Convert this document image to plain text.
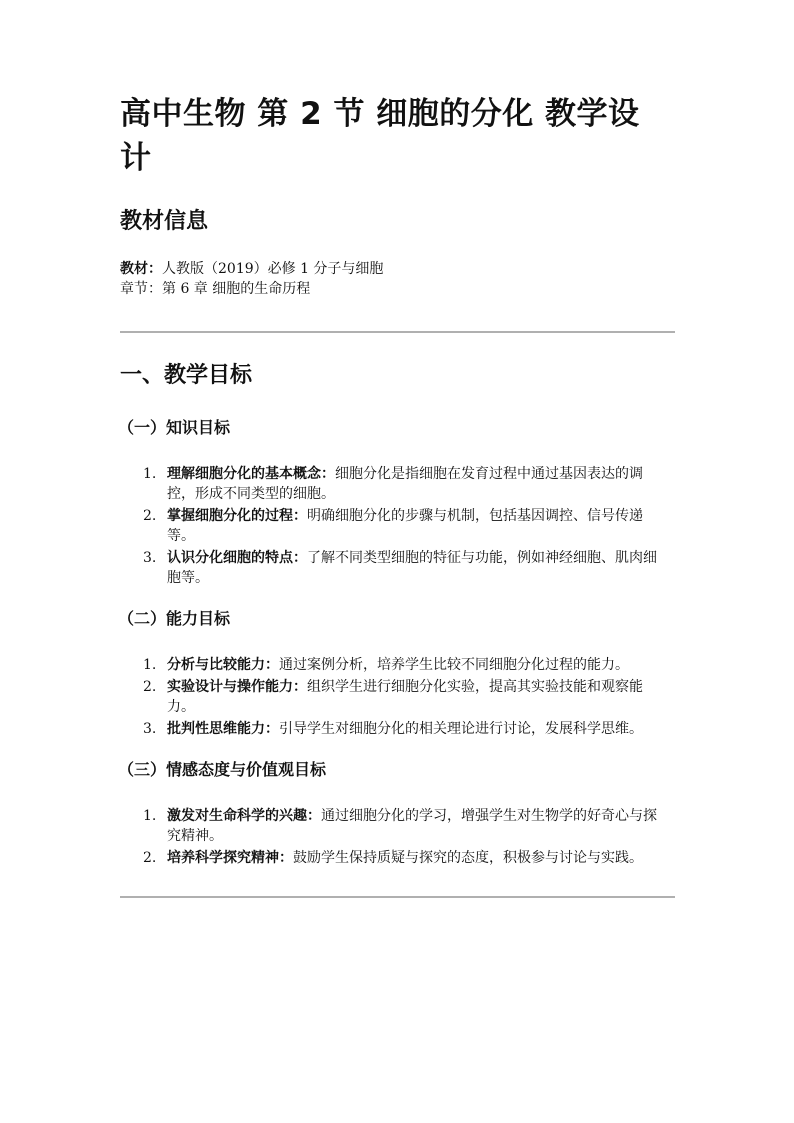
高中生物 第 2 节 细胞的分化 教学设计
教材信息
教材：人教版（2019）必修 1 分子与细胞
章节：第 6 章 细胞的生命历程
一、教学目标
（一）知识目标
1. 理解细胞分化的基本概念：细胞分化是指细胞在发育过程中通过基因表达的调控，形成不同类型的细胞。
2. 掌握细胞分化的过程：明确细胞分化的步骤与机制，包括基因调控、信号传递等。
3. 认识分化细胞的特点：了解不同类型细胞的特征与功能，例如神经细胞、肌肉细胞等。
（二）能力目标
1. 分析与比较能力：通过案例分析，培养学生比较不同细胞分化过程的能力。
2. 实验设计与操作能力：组织学生进行细胞分化实验，提高其实验技能和观察能力。
3. 批判性思维能力：引导学生对细胞分化的相关理论进行讨论，发展科学思维。
（三）情感态度与价值观目标
1. 激发对生命科学的兴趣：通过细胞分化的学习，增强学生对生物学的好奇心与探究精神。
2. 培养科学探究精神：鼓励学生保持质疑与探究的态度，积极参与讨论与实践。
